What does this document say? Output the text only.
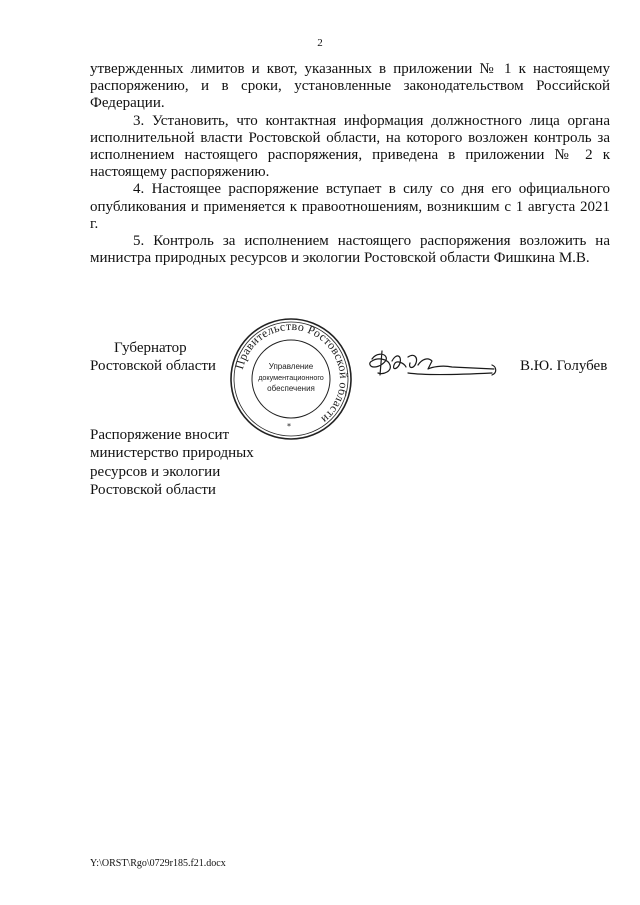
2

утвержденных лимитов и квот, указанных в приложении № 1 к настоящему распоряжению, и в сроки, установленные законодательством Российской Федерации.

3. Установить, что контактная информация должностного лица органа исполнительной власти Ростовской области, на которого возложен контроль за исполнением настоящего распоряжения, приведена в приложении № 2 к настоящему распоряжению.

4. Настоящее распоряжение вступает в силу со дня его официального опубликования и применяется к правоотношениям, возникшим с 1 августа 2021 г.

5. Контроль за исполнением настоящего распоряжения возложить на министра природных ресурсов и экологии Ростовской области Фишкина М.В.

Губернатор
Ростовской области Правительство Ростовской области
Управление
документационного
обеспечения
*
В.Ю. Голубев
Распоряжение вносит
министерство природных
ресурсов и экологии
Ростовской области
Y:\ORST\Rgo\0729r185.f21.docx
